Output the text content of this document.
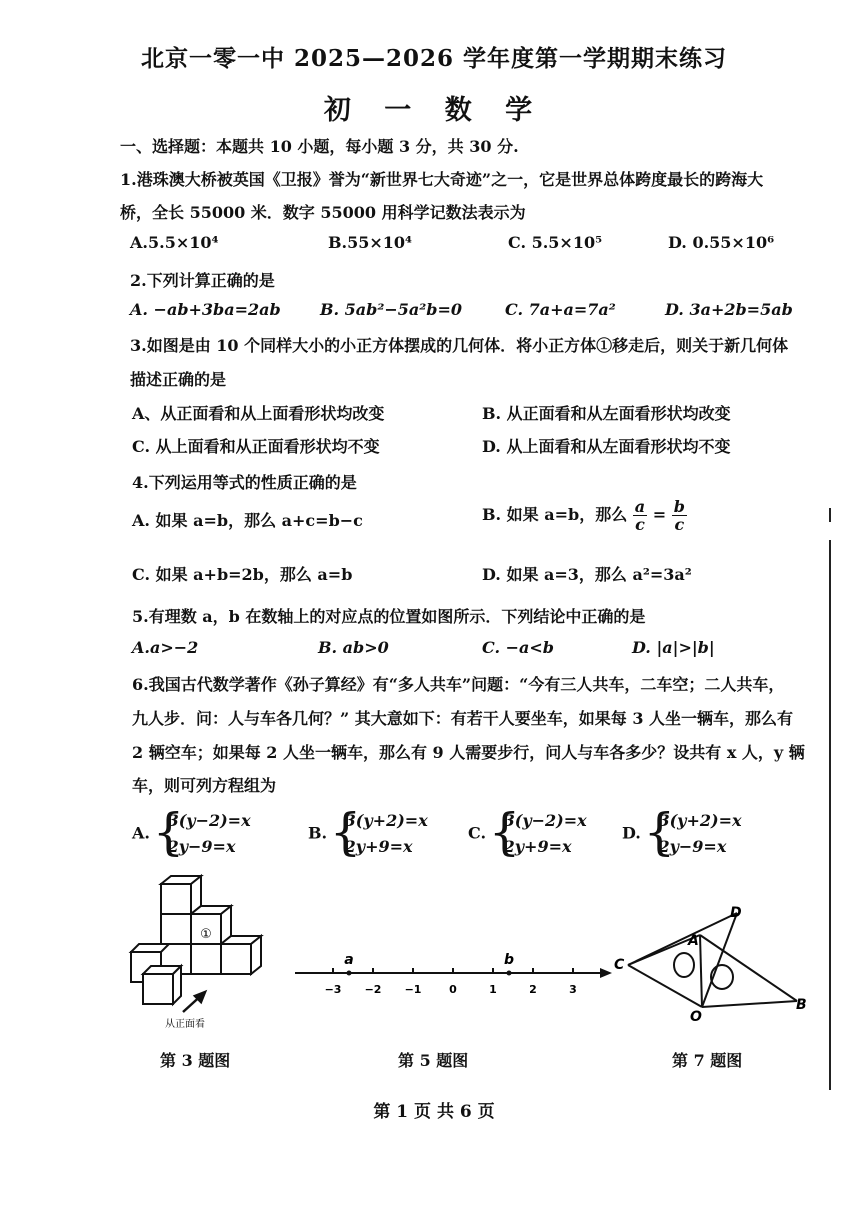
北京一零一中 2025—2026 学年度第一学期期末练习
初 一 数 学
一、选择题：本题共 10 小题，每小题 3 分，共 30 分.
1.港珠澳大桥被英国《卫报》誉为“新世界七大奇迹”之一，它是世界总体跨度最长的跨海大
桥，全长 55000 米．数字 55000 用科学记数法表示为
A.5.5×10⁴	B.55×10⁴	C. 5.5×10⁵	D. 0.55×10⁶
2.下列计算正确的是
A. −ab+3ba=2ab B. 5ab²−5a²b=0	C. 7a+a=7a²	D. 3a+2b=5ab
3.如图是由 10 个同样大小的小正方体摆成的几何体．将小正方体①移走后，则关于新几何体
描述正确的是
A、从正面看和从上面看形状均改变	B. 从正面看和从左面看形状均改变
C. 从上面看和从正面看形状均不变	D. 从上面看和从左面看形状均不变
4.下列运用等式的性质正确的是
A. 如果 a=b，那么 a+c=b−c	B. 如果 a=b，那么 $\frac{a}{c} = \frac{b}{c}$
C. 如果 a+b=2b，那么 a=b	D. 如果 a=3，那么 a²=3a²
5.有理数 a，b 在数轴上的对应点的位置如图所示．下列结论中正确的是
A.a>−2	B. ab>0	C. −a<b	D. |a|>|b|
6.我国古代数学著作《孙子算经》有“多人共车”问题：“今有三人共车，二车空；二人共车，
九人步．问：人与车各几何？” 其大意如下：有若干人要坐车，如果每 3 人坐一辆车，那么有
2 辆空车；如果每 2 人坐一辆车，那么有 9 人需要步行，问人与车各多少？设共有 x 人，y 辆
车，则可列方程组为
A. { 3(y−2)=x
2y−9=x
B. { 3(y+2)=x
2y+9=x
C. { 3(y−2)=x
2y+9=x
D. { 3(y+2)=x
2y−9=x
①
从正面看
−3 −2 −1	0	1	2	3
a	b	C
A
D
O
B
第 3 题图	第 5 题图	第 7 题图
第 1 页 共 6 页
